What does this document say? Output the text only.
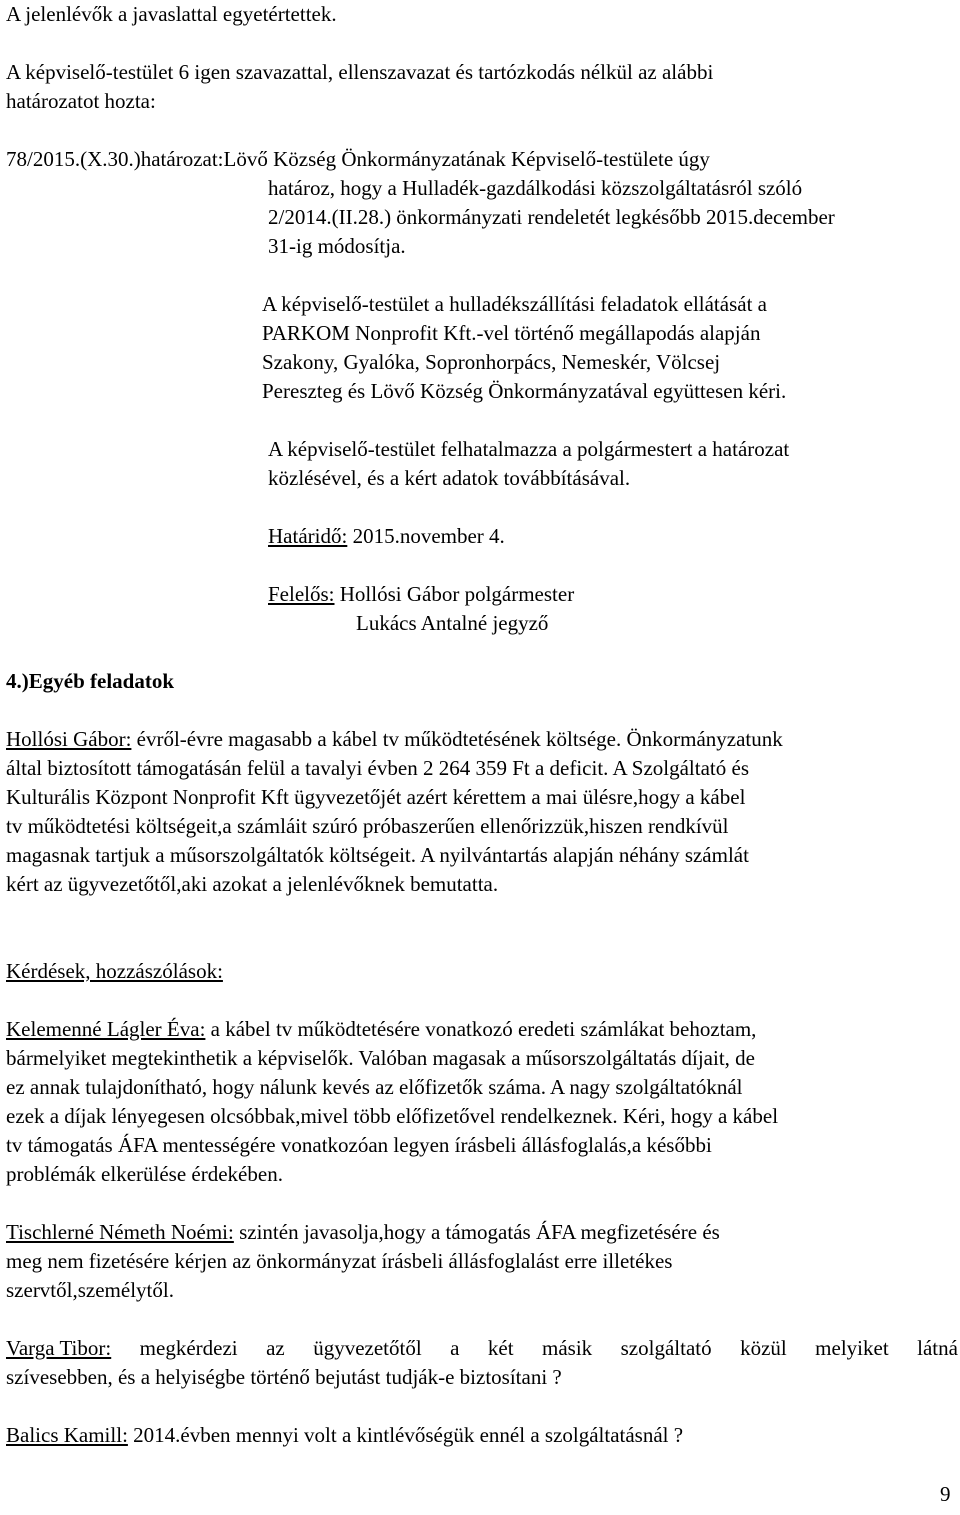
A jelenlévők a javaslattal egyetértettek.
A képviselő-testület 6 igen szavazattal, ellenszavazat és tartózkodás nélkül az alábbi
határozatot hozta:
78/2015.(X.30.)határozat:Lövő Község Önkormányzatának Képviselő-testülete úgy
határoz, hogy a Hulladék-gazdálkodási közszolgáltatásról szóló
2/2014.(II.28.) önkormányzati rendeletét legkésőbb 2015.december
31-ig módosítja.
A képviselő-testület a hulladékszállítási feladatok ellátását a
PARKOM Nonprofit Kft.-vel történő megállapodás alapján
Szakony, Gyalóka, Sopronhorpács, Nemeskér, Völcsej
Pereszteg és Lövő Község Önkormányzatával együttesen kéri.
A képviselő-testület felhatalmazza a polgármestert a határozat
közlésével, és a kért adatok továbbításával.
Határidő: 2015.november 4.
Felelős: Hollósi Gábor polgármester
Lukács Antalné jegyző
4.)Egyéb feladatok
Hollósi Gábor: évről-évre magasabb a kábel tv működtetésének költsége. Önkormányzatunk
által biztosított támogatásán felül a tavalyi évben 2 264 359 Ft a deficit. A Szolgáltató és
Kulturális Központ Nonprofit Kft ügyvezetőjét azért kérettem a mai ülésre,hogy a kábel
tv működtetési költségeit,a számláit szúró próbaszerűen ellenőrizzük,hiszen rendkívül
magasnak tartjuk a műsorszolgáltatók költségeit. A nyilvántartás alapján néhány számlát
kért az ügyvezetőtől,aki azokat a jelenlévőknek bemutatta.
Kérdések, hozzászólások:
Kelemenné Lágler Éva: a kábel tv működtetésére vonatkozó eredeti számlákat behoztam,
bármelyiket megtekinthetik a képviselők. Valóban magasak a műsorszolgáltatás díjait, de
ez annak tulajdonítható, hogy nálunk kevés az előfizetők száma. A nagy szolgáltatóknál
ezek a díjak lényegesen olcsóbbak,mivel több előfizetővel rendelkeznek. Kéri, hogy a kábel
tv támogatás ÁFA mentességére vonatkozóan legyen írásbeli állásfoglalás,a későbbi
problémák elkerülése érdekében.
Tischlerné Németh Noémi: szintén javasolja,hogy a támogatás ÁFA megfizetésére és
meg nem fizetésére kérjen az önkormányzat írásbeli állásfoglalást erre illetékes
szervtől,személytől.
Varga Tibor: megkérdezi az ügyvezetőtől a két másik szolgáltató közül melyiket látná
szívesebben, és a helyiségbe történő bejutást tudják-e biztosítani ?
Balics Kamill: 2014.évben mennyi volt a kintlévőségük ennél a szolgáltatásnál ?
9
